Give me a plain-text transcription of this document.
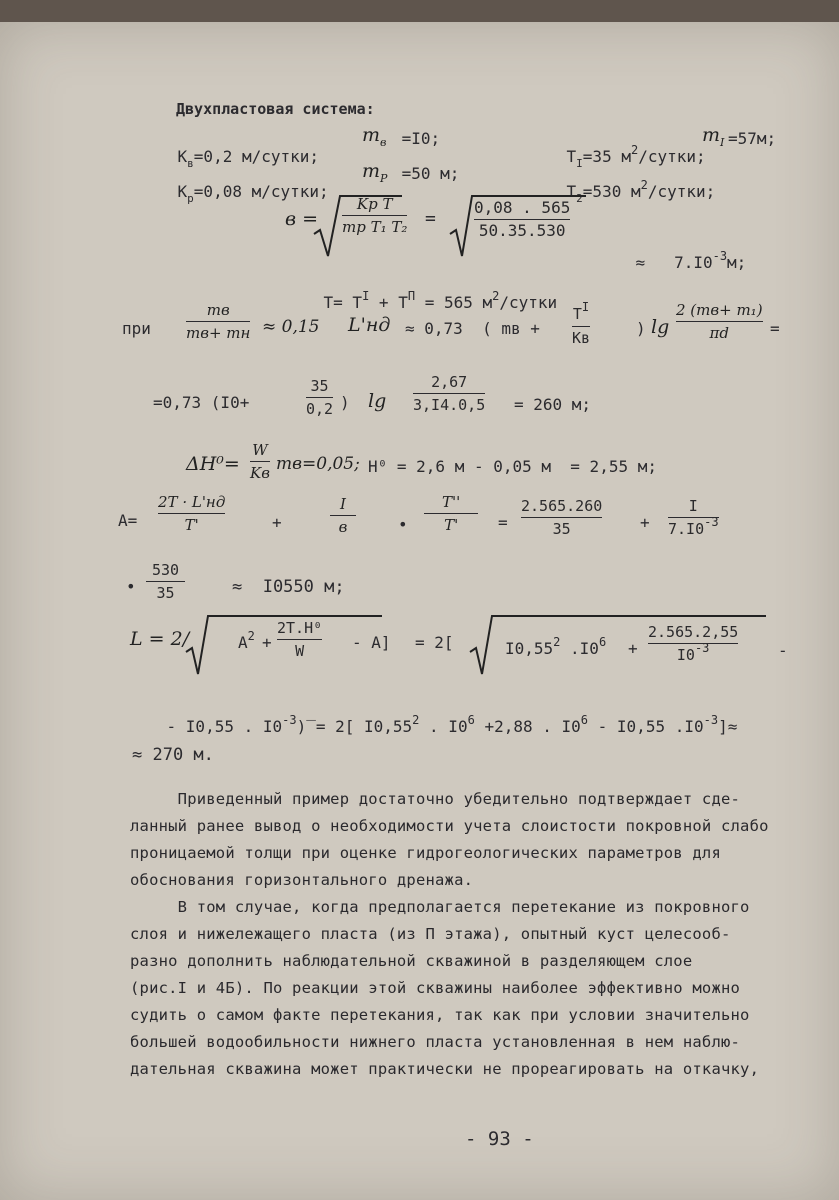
Двухпластовая система:

$К_в=0,2$ м/сутки;

$m_в =I0$;

$T_I=35$ $м^2$/сутки;

$m_I =57м$;

$К_р=0,08$ м/сутки;

$m_P =50$ м;

$T_2=530$ $м^2$/сутки;

в =
Kр T
mр T₁ T₂ =
0,08 . 565
50.35.530

≈   $7.I0^{-3}м$;

$T= T^I + T^П = 565$ $м^2$/сутки

при
mв
mв+ mн ≈ 0,15 L'нд ≈ 0,73  ( mв +
$T^I$
Kв	) lg
2 (mв+ m₁)
πd	=
=0,73 (I0+
35
0,2 ) lg
2,67
3,I4.0,5 = 260 м;
ΔH⁰=
W
Kв mв=0,05; H⁰ = 2,6 м - 0,05 м  = 2,55 м;
A=
2T · L'нд
T'	+
I
в	•
T''
T' =
2.565.260
35	+
I
$7.I0^{-3}$
•
530
35	≈  I0550 м;
L = 2/	$A^2$ +
2T.H⁰
W	- A] = 2[	I0,55$^2$ $.I0^6$ +
2.565.2,55
$I0^{-3}$	-

- I0,55 . $I0^{-3})̅ = 2$[ I0,55$^2$ . $I0^6 +2,88$ . $I0^6 - I0,55$ $.I0^{-3}]\approx$

≈ 270 м.
Приведенный пример достаточно убедительно подтверждает сде-
ланный ранее вывод о необходимости учета слоистости покровной слабо
проницаемой толщи при оценке гидрогеологических параметров для
обоснования горизонтального дренажа.
В том случае, когда предполагается перетекание из покровного
слоя и нижележащего пласта (из П этажа), опытный куст целесооб-
разно дополнить наблюдательной скважиной в разделяющем слое
(рис.I и 4Б). По реакции этой скважины наиболее эффективно можно
судить о самом факте перетекания, так как при условии значительно
большей водообильности нижнего пласта установленная в нем наблю-
дательная скважина может практически не прореагировать на откачку,
- 93 -
